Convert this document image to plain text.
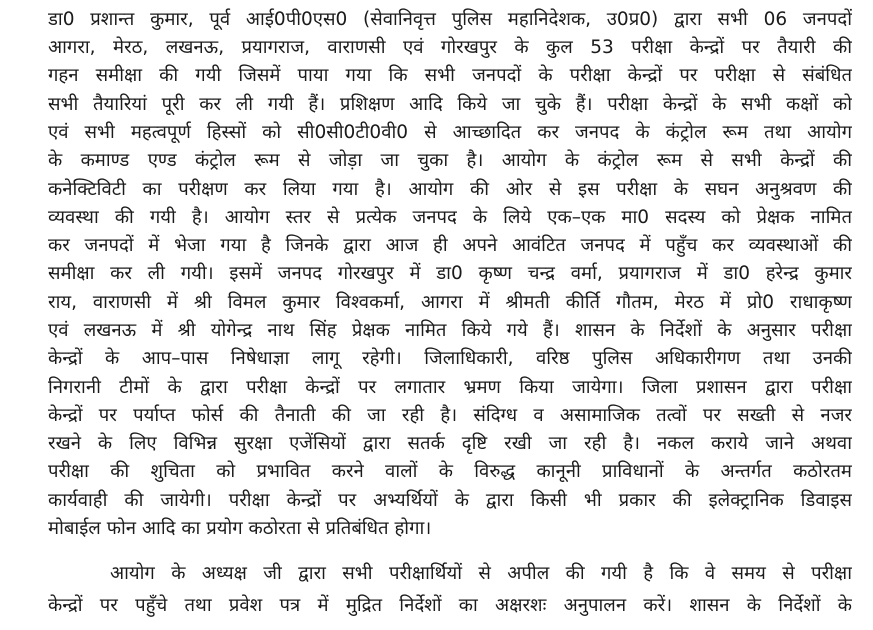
डा0 प्रशान्त कुमार, पूर्व आई0पी0एस0 (सेवानिवृत्त पुलिस महानिदेशक, उ0प्र0) द्वारा सभी 06 जनपदों
आगरा, मेरठ, लखनऊ, प्रयागराज, वाराणसी एवं गोरखपुर के कुल 53 परीक्षा केन्द्रों पर तैयारी की
गहन समीक्षा की गयी जिसमें पाया गया कि सभी जनपदों के परीक्षा केन्द्रों पर परीक्षा से संबंधित
सभी तैयारियां पूरी कर ली गयी हैं। प्रशिक्षण आदि किये जा चुके हैं। परीक्षा केन्द्रों के सभी कक्षों को
एवं सभी महत्वपूर्ण हिस्सों को सी0सी0टी0वी0 से आच्छादित कर जनपद के कंट्रोल रूम तथा आयोग
के कमाण्ड एण्ड कंट्रोल रूम से जोड़ा जा चुका है। आयोग के कंट्रोल रूम से सभी केन्द्रों की
कनेक्टिविटी का परीक्षण कर लिया गया है। आयोग की ओर से इस परीक्षा के सघन अनुश्रवण की
व्यवस्था की गयी है। आयोग स्तर से प्रत्येक जनपद के लिये एक–एक मा0 सदस्य को प्रेक्षक नामित
कर जनपदों में भेजा गया है जिनके द्वारा आज ही अपने आवंटित जनपद में पहुँच कर व्यवस्थाओं की
समीक्षा कर ली गयी। इसमें जनपद गोरखपुर में डा0 कृष्ण चन्द्र वर्मा, प्रयागराज में डा0 हरेन्द्र कुमार
राय, वाराणसी में श्री विमल कुमार विश्वकर्मा, आगरा में श्रीमती कीर्ति गौतम, मेरठ में प्रो0 राधाकृष्ण
एवं लखनऊ में श्री योगेन्द्र नाथ सिंह प्रेक्षक नामित किये गये हैं। शासन के निर्देशों के अनुसार परीक्षा
केन्द्रों के आप–पास निषेधाज्ञा लागू रहेगी। जिलाधिकारी, वरिष्ठ पुलिस अधिकारीगण तथा उनकी
निगरानी टीमों के द्वारा परीक्षा केन्द्रों पर लगातार भ्रमण किया जायेगा। जिला प्रशासन द्वारा परीक्षा
केन्द्रों पर पर्याप्त फोर्स की तैनाती की जा रही है। संदिग्ध व असामाजिक तत्वों पर सख्ती से नजर
रखने के लिए विभिन्न सुरक्षा एजेंसियों द्वारा सतर्क दृष्टि रखी जा रही है। नकल कराये जाने अथवा
परीक्षा की शुचिता को प्रभावित करने वालों के विरुद्ध कानूनी प्राविधानों के अन्तर्गत कठोरतम
कार्यवाही की जायेगी। परीक्षा केन्द्रों पर अभ्यर्थियों के द्वारा किसी भी प्रकार की इलेक्ट्रानिक डिवाइस
मोबाईल फोन आदि का प्रयोग कठोरता से प्रतिबंधित होगा।
आयोग के अध्यक्ष जी द्वारा सभी परीक्षार्थियों से अपील की गयी है कि वे समय से परीक्षा
केन्द्रों पर पहुँचे तथा प्रवेश पत्र में मुद्रित निर्देशों का अक्षरशः अनुपालन करें। शासन के निर्देशों के
